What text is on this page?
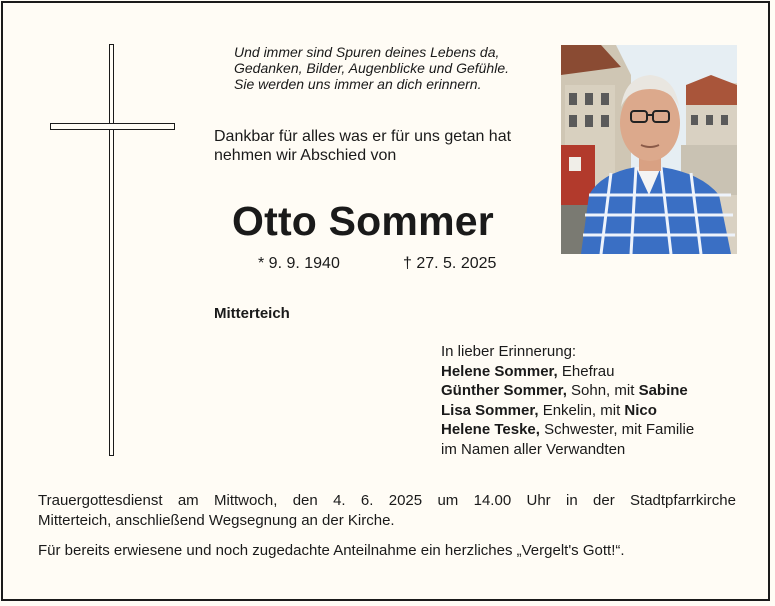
Und immer sind Spuren deines Lebens da,
Gedanken, Bilder, Augenblicke und Gefühle.
Sie werden uns immer an dich erinnern.
Dankbar für alles was er für uns getan hat
nehmen wir Abschied von
Otto Sommer
* 9. 9. 1940	† 27. 5. 2025
Mitterteich
In lieber Erinnerung:
Helene Sommer, Ehefrau
Günther Sommer, Sohn, mit Sabine
Lisa Sommer, Enkelin, mit Nico
Helene Teske, Schwester, mit Familie
im Namen aller Verwandten
Trauergottesdienst am Mittwoch, den 4. 6. 2025 um 14.00 Uhr in der Stadtpfarrkirche
Mitterteich, anschließend Wegsegnung an der Kirche.
Für bereits erwiesene und noch zugedachte Anteilnahme ein herzliches „Vergelt's Gott!“.
